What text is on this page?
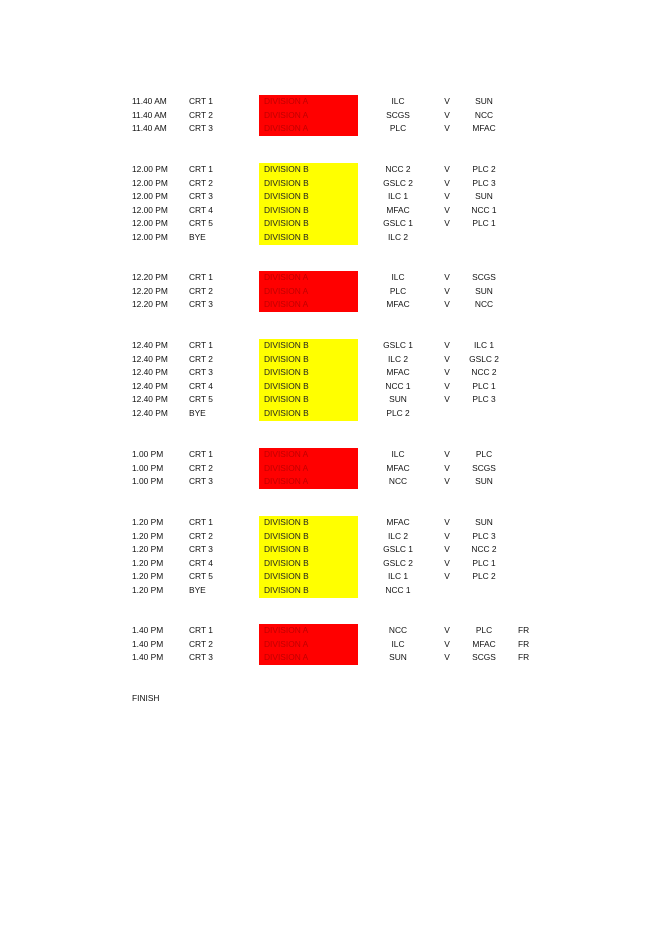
11.40 AM	CRT 1	DIVISION A	ILC	V	SUN
11.40 AM	CRT 2	DIVISION A	SCGS	V	NCC
11.40 AM	CRT 3	DIVISION A	PLC	V	MFAC
12.00 PM	CRT 1	DIVISION B	NCC 2	V	PLC 2
12.00 PM	CRT 2	DIVISION B	GSLC 2	V	PLC 3
12.00 PM	CRT 3	DIVISION B	ILC 1	V	SUN
12.00 PM	CRT 4	DIVISION B	MFAC	V	NCC 1
12.00 PM	CRT 5	DIVISION B	GSLC 1	V	PLC 1
12.00 PM	BYE	DIVISION B	ILC 2
12.20 PM	CRT 1	DIVISION A	ILC	V	SCGS
12.20 PM	CRT 2	DIVISION A	PLC	V	SUN
12.20 PM	CRT 3	DIVISION A	MFAC	V	NCC
12.40 PM	CRT 1	DIVISION B	GSLC 1	V	ILC 1
12.40 PM	CRT 2	DIVISION B	ILC 2	V	GSLC 2
12.40 PM	CRT 3	DIVISION B	MFAC	V	NCC 2
12.40 PM	CRT 4	DIVISION B	NCC 1	V	PLC 1
12.40 PM	CRT 5	DIVISION B	SUN	V	PLC 3
12.40 PM	BYE	DIVISION B	PLC 2
1.00 PM	CRT 1	DIVISION A	ILC	V	PLC
1.00 PM	CRT 2	DIVISION A	MFAC	V	SCGS
1.00 PM	CRT 3	DIVISION A	NCC	V	SUN
1.20 PM	CRT 1	DIVISION B	MFAC	V	SUN
1.20 PM	CRT 2	DIVISION B	ILC 2	V	PLC 3
1.20 PM	CRT 3	DIVISION B	GSLC 1	V	NCC 2
1.20 PM	CRT 4	DIVISION B	GSLC 2	V	PLC 1
1.20 PM	CRT 5	DIVISION B	ILC 1	V	PLC 2
1.20 PM	BYE	DIVISION B	NCC 1
1.40 PM	CRT 1	DIVISION A	NCC	V	PLC	FR
1.40 PM	CRT 2	DIVISION A	ILC	V	MFAC	FR
1.40 PM	CRT 3	DIVISION A	SUN	V	SCGS	FR
FINISH
